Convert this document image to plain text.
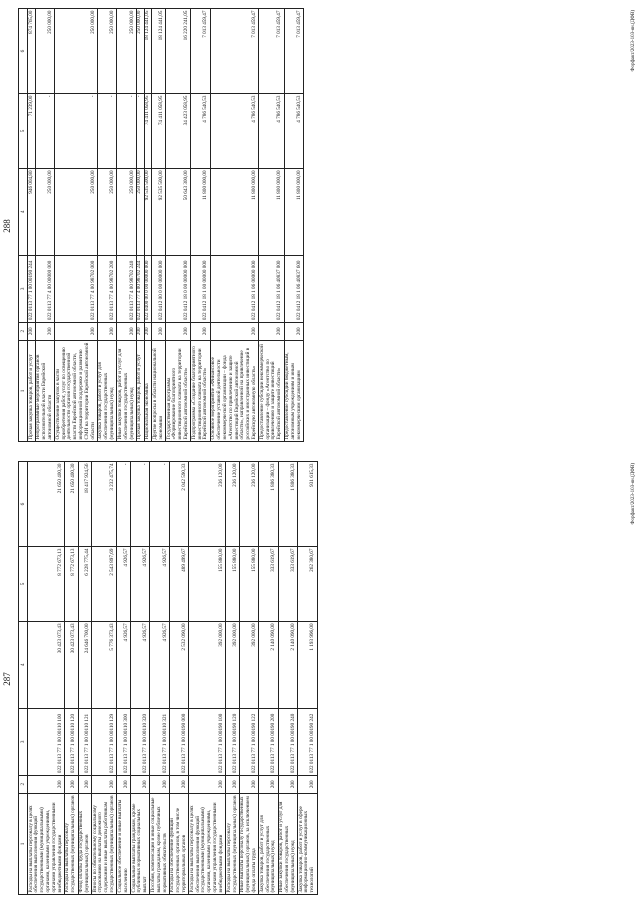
288
1	2	3	4	5	6
Прочая закупка товаров, работ и услуг	200	022 0113 77 1 00 00190 244	946 004,80	71 239,00	874 765,00
Непрограммные мероприятия органов исполнительной власти Еврейской автономной области	200	022 0113 77 4 00 00000 000	250 000,00	-	250 000,00
Осуществление закупок в части приобретения работ, услуг по освещению деятельности органов государственной власти Еврейской автономной области, информационной поддержке и развитию СМИ на территории Еврейской автономной области	200	022 0113 77 4 00 98702 000	250 000,00	-	250 000,00
Закупка товаров, работ и услуг для обеспечения государственных (муниципальных) нужд	200	022 0113 77 4 00 98702 200	250 000,00	-	250 000,00
Иные закупки товаров, работ и услуг для обеспечения государственных (муниципальных) нужд	200	022 0113 77 4 00 98702 240	250 000,00	-	250 000,00
Прочая закупка товаров, работ и услуг	200	022 0113 77 4 00 98702 244	250 000,00	-	250 000,00
Национальная экономика	200	022 0400 00 0 00 00000 000	92 535 500,00	74 411 058,95	18 124 441,05
Другие вопросы в области национальной экономики	200	022 0412 00 0 00 00000 000	92 535 500,00	74 411 058,95	18 124 441,05
Государственная программа «Формирование благоприятного инвестиционного климата на территории Еврейской автономной области»	200	022 0412 18 0 00 00000 000	50 643 300,00	34 423 058,95	16 220 241,05
Подпрограмма «Создание благоприятного инвестиционного климата на территории Еврейской автономной области»	200	022 0412 18 1 00 00000 000	11 800 000,00	4 786 540,53	7 013 459,47
Основное мероприятие «Финансовое обеспечение уставной деятельности некоммерческой организации – фонда «Агентство по привлечению и защите инвестиций Еврейской автономной области», направленной на привлечение российских и иностранных инвестиций в Еврейскую автономную область»	200	022 0412 18 1 06 00000 000	11 800 000,00	4 786 540,53	7 013 459,47
Предоставление субсидии некоммерческой организации – фонду «Агентство по привлечению и защите инвестиций Еврейской автономной области»	200	022 0412 18 1 06 40837 000	11 800 000,00	4 786 540,53	7 013 459,47
Предоставление субсидий бюджетным, автономным учреждениям и иным некоммерческим организациям	200	022 0412 18 1 06 40837 600	11 800 000,00	4 786 540,53	7 013 459,47	Форфакт/2023-103-ян.(ДФВ)
287
1	2	3	4	5	6
Расходы на выплаты персоналу в целях обеспечения выполнения функций государственными (муниципальными) органами, казенными учреждениями, органами управления государственными внебюджетными фондами	200	022 0113 77 1 00 00110 100	30 423 073,43	8 772 673,13	21 650 400,30
Расходы на выплаты персоналу государственных (муниципальных) органов	200	022 0113 77 1 00 00110 120	30 423 073,43	8 772 673,13	21 650 400,30
Фонд оплаты труда государственных (муниципальных) органов	200	022 0113 77 1 00 00110 121	24 646 700,00	6 228 775,44	18 417 924,56
Взносы по обязательному социальному страхованию на выплаты денежного содержания и иные выплаты работникам государственных (муниципальных) органов	200	022 0113 77 1 00 00110 129	5 776 373,43	2 543 897,69	3 232 475,74
Социальное обеспечение и иные выплаты населению	200	022 0113 77 1 00 00110 300	4 926,57	4 926,57	-
Социальные выплаты гражданам, кроме публичных нормативных социальных выплат	200	022 0113 77 1 00 00110 320	4 926,57	4 926,57	-
Пособия, компенсации и иные социальные выплаты гражданам, кроме публичных нормативных обязательств	200	022 0113 77 1 00 00110 321	4 926,57	4 926,57	-
Расходы на обеспечение функций государственных органов, в том числе территориальных органов	200	022 0113 77 1 00 00190 000	2 532 090,00	489 499,67	2 042 590,33
Расходы на выплаты персоналу в целях обеспечения выполнения функций государственными (муниципальными) органами, казенными учреждениями, органами управления государственными внебюджетными фондами	200	022 0113 77 1 00 00190 100	392 000,00	155 880,00	236 120,00
Расходы на выплаты персоналу государственных (муниципальных) органов	200	022 0113 77 1 00 00190 120	392 000,00	155 880,00	236 120,00
Иные выплаты персоналу государственных (муниципальных) органов, за исключением фонда оплаты труда	200	022 0113 77 1 00 00190 122	392 000,00	155 880,00	236 120,00
Закупка товаров, работ и услуг для обеспечения государственных (муниципальных) нужд	200	022 0113 77 1 00 00190 200	2 140 090,00	333 619,67	1 806 380,33
Иные закупки товаров, работ и услуг для обеспечения государственных (муниципальных) нужд	200	022 0113 77 1 00 00190 240	2 140 090,00	333 619,67	1 806 380,33
Закупка товаров, работ и услуг в сфере информационно-коммуникационных технологий	200	022 0113 77 1 00 00190 242	1 193 996,00	262 380,67	931 615,33	Форфакт/2023-103-ян.(ДФВ)
